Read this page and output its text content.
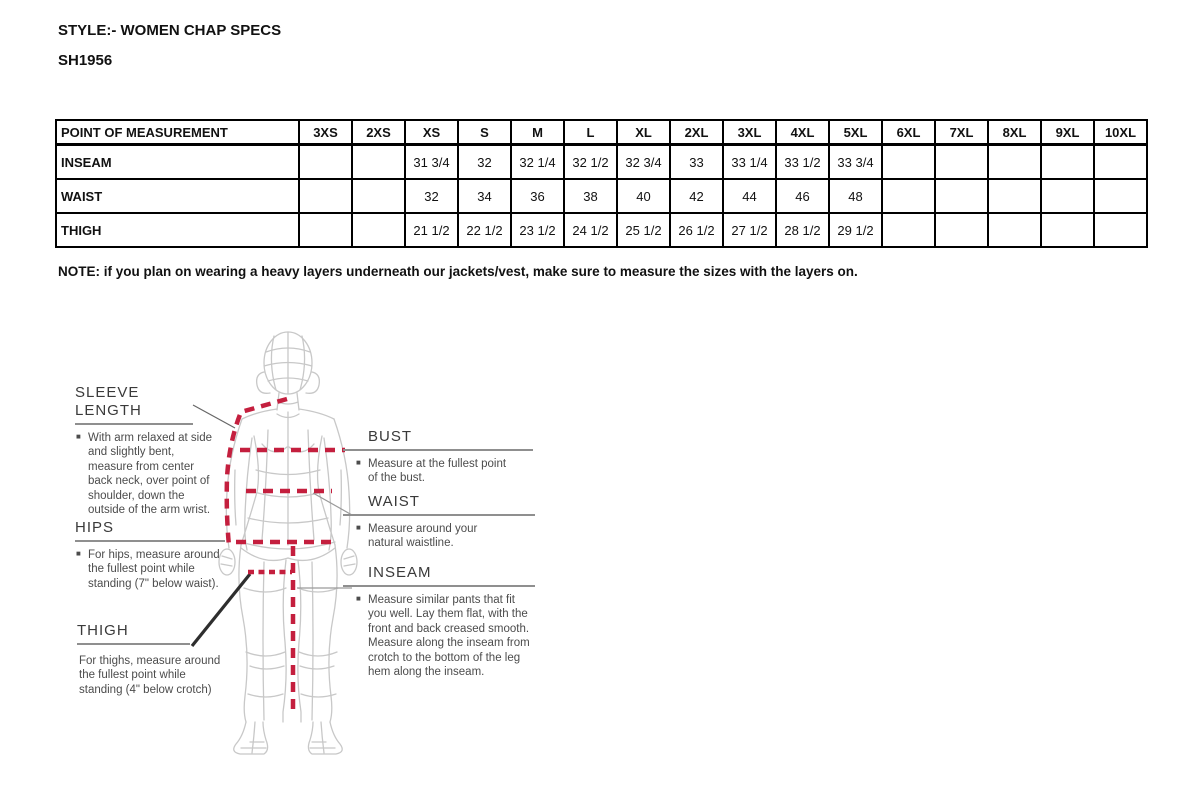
STYLE:- WOMEN CHAP SPECS
SH1956
POINT OF MEASUREMENT	3XS	2XS	XS	S	M	L	XL	2XL	3XL	4XL	5XL	6XL	7XL	8XL	9XL	10XL
INSEAM			31 3/4	32	32 1/4	32 1/2	32 3/4	33	33 1/4	33 1/2	33 3/4					
WAIST			32	34	36	38	40	42	44	46	48					
THIGH			21 1/2	22 1/2	23 1/2	24 1/2	25 1/2	26 1/2	27 1/2	28 1/2	29 1/2					
NOTE: if you plan on wearing a heavy layers underneath our jackets/vest, make sure to measure the sizes with the layers on.
SLEEVE LENGTH
■ With arm relaxed at side and slightly bent, measure from center back neck, over point of shoulder, down the outside of the arm wrist.
HIPS
■ For hips, measure around the fullest point while standing (7" below waist).
THIGH
For thighs, measure around the fullest point while standing (4" below crotch)
BUST
■ Measure at the fullest point of the bust.
WAIST
■ Measure around your natural waistline.
INSEAM
■ Measure similar pants that fit you well. Lay them flat, with the front and back creased smooth. Measure along the inseam from crotch to the bottom of the leg hem along the inseam.
